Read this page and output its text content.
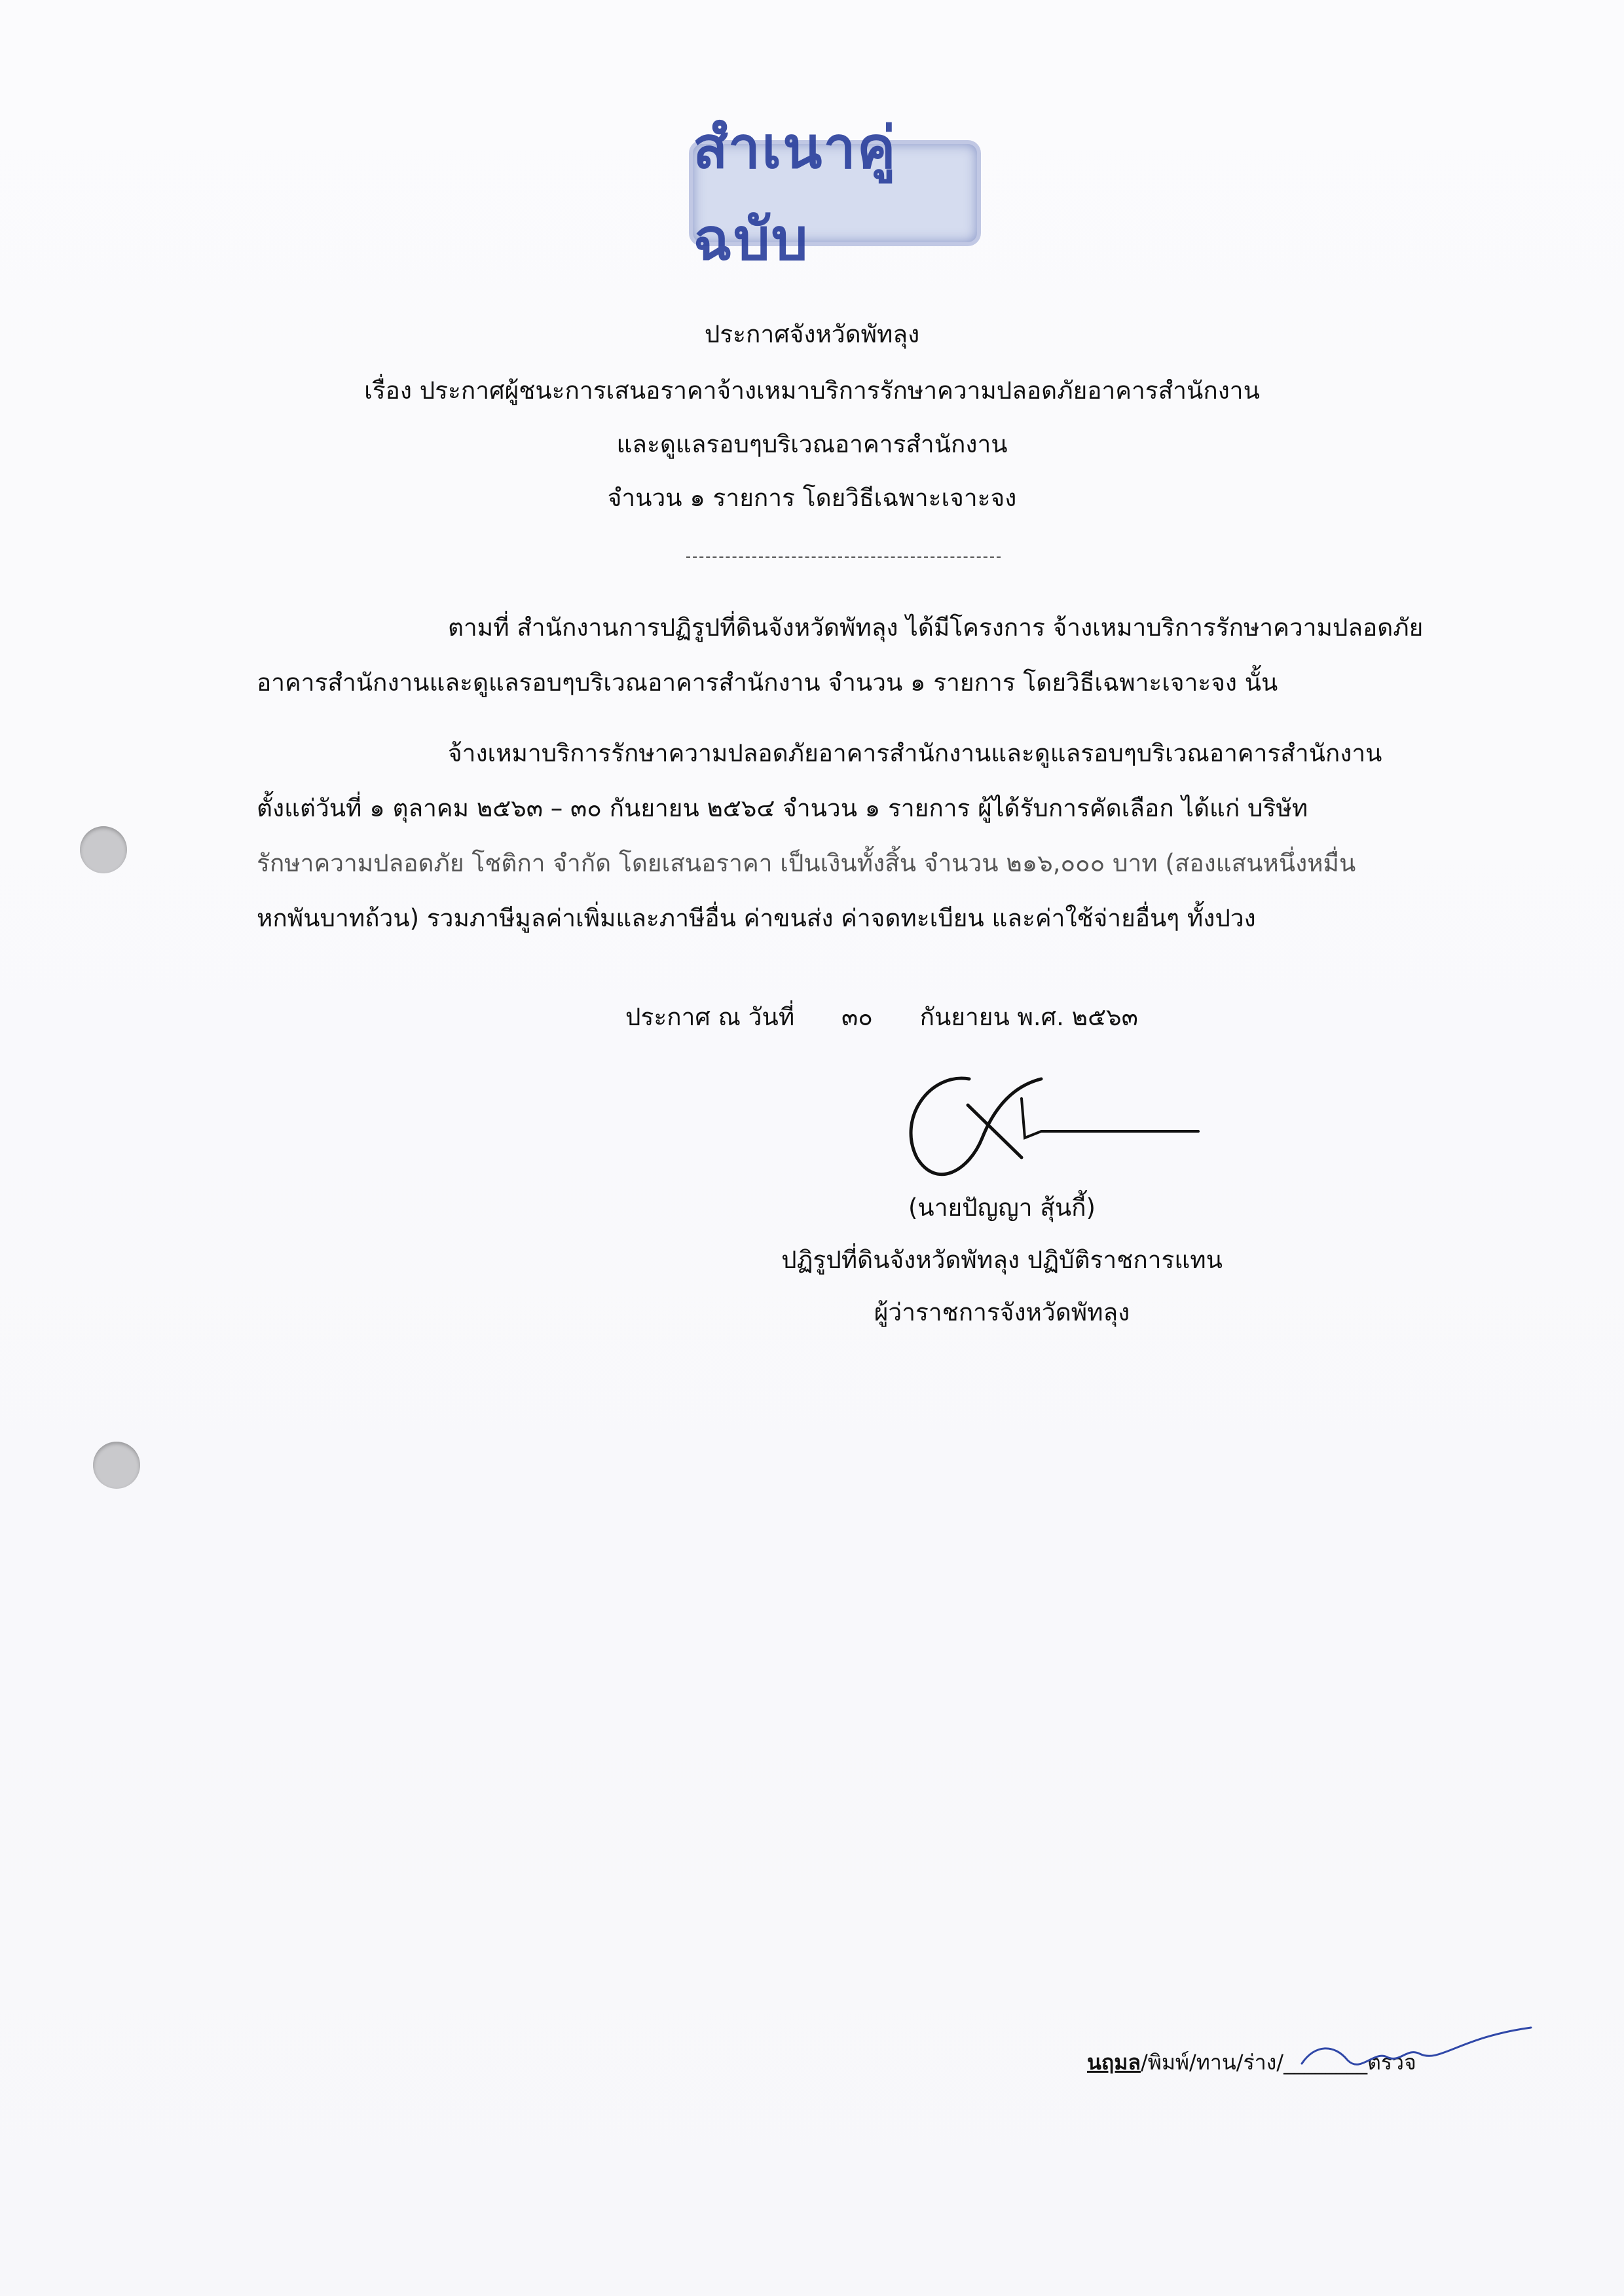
สำเนาคู่ฉบับ
ประกาศจังหวัดพัทลุง
เรื่อง ประกาศผู้ชนะการเสนอราคาจ้างเหมาบริการรักษาความปลอดภัยอาคารสำนักงาน
และดูแลรอบๆบริเวณอาคารสำนักงาน
จำนวน ๑ รายการ โดยวิธีเฉพาะเจาะจง
ตามที่ สำนักงานการปฏิรูปที่ดินจังหวัดพัทลุง ได้มีโครงการ จ้างเหมาบริการรักษาความปลอดภัย
อาคารสำนักงานและดูแลรอบๆบริเวณอาคารสำนักงาน จำนวน ๑ รายการ โดยวิธีเฉพาะเจาะจง นั้น
จ้างเหมาบริการรักษาความปลอดภัยอาคารสำนักงานและดูแลรอบๆบริเวณอาคารสำนักงาน
ตั้งแต่วันที่ ๑ ตุลาคม ๒๕๖๓ – ๓๐ กันยายน ๒๕๖๔ จำนวน ๑ รายการ ผู้ได้รับการคัดเลือก ได้แก่ บริษัท
รักษาความปลอดภัย โชติกา จำกัด โดยเสนอราคา เป็นเงินทั้งสิ้น จำนวน ๒๑๖,๐๐๐ บาท (สองแสนหนึ่งหมื่น
หกพันบาทถ้วน) รวมภาษีมูลค่าเพิ่มและภาษีอื่น ค่าขนส่ง ค่าจดทะเบียน และค่าใช้จ่ายอื่นๆ ทั้งปวง
ประกาศ ณ วันที่ ๓๐ กันยายน พ.ศ. ๒๕๖๓
(นายปัญญา สุ้นกี้)
ปฏิรูปที่ดินจังหวัดพัทลุง ปฏิบัติราชการแทน
ผู้ว่าราชการจังหวัดพัทลุง
นฤมล/พิมพ์/ทาน/ร่าง/________ตรวจ
